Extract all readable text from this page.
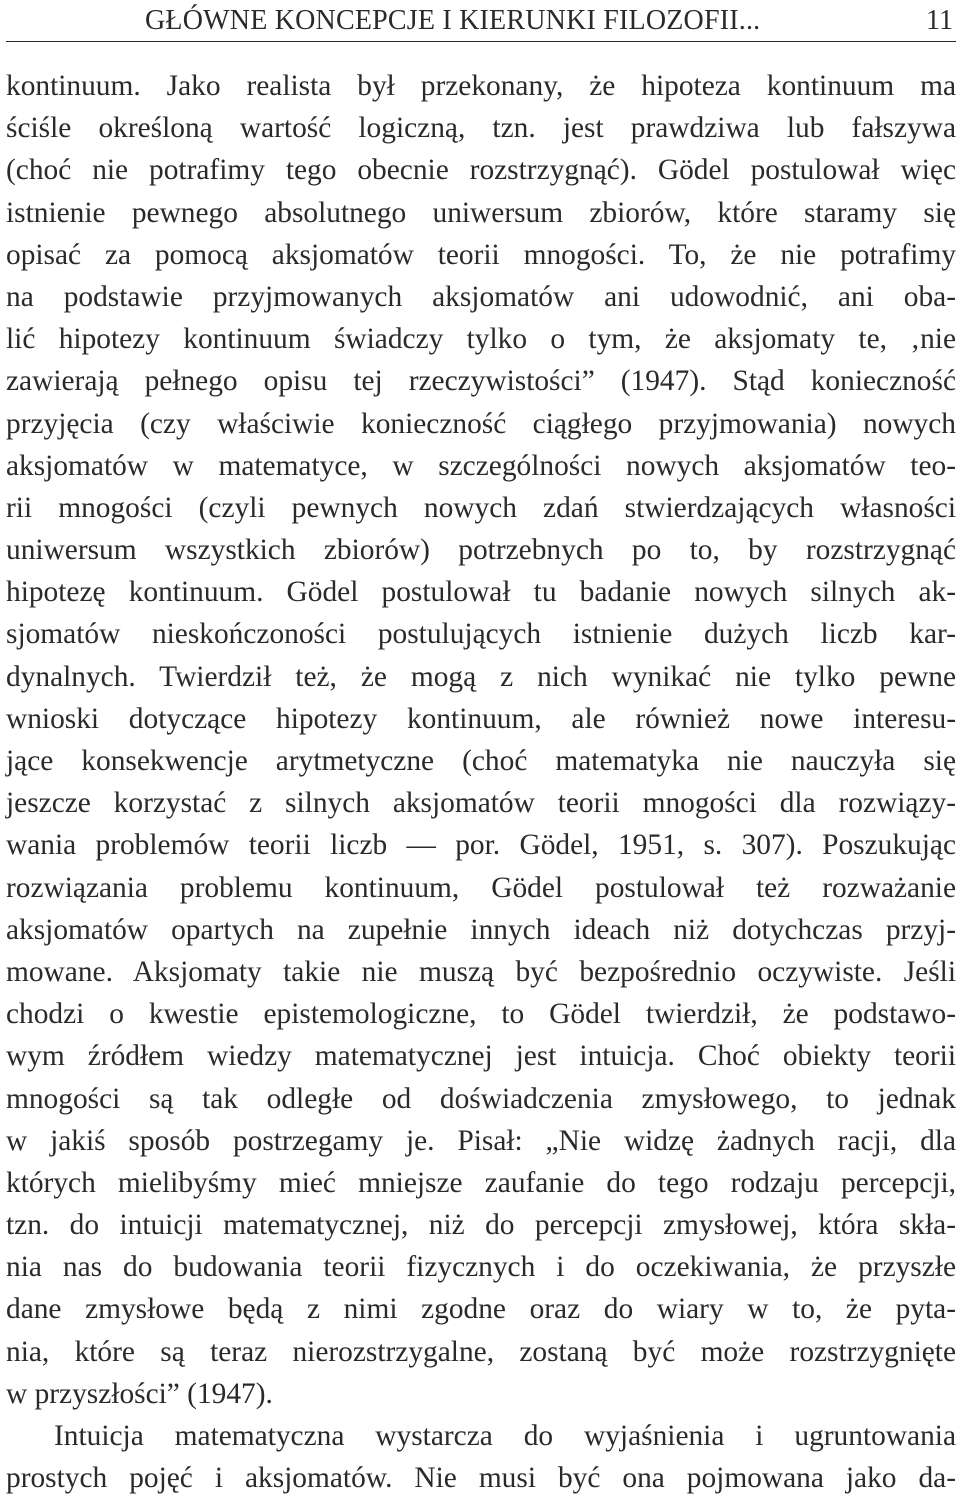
GŁÓWNE KONCEPCJE I KIERUNKI FILOZOFII...	11
kontinuum. Jako realista był przekonany, że hipoteza kontinuum ma
ściśle określoną wartość logiczną, tzn. jest prawdziwa lub fałszywa
(choć nie potrafimy tego obecnie rozstrzygnąć). Gödel postulował więc
istnienie pewnego absolutnego uniwersum zbiorów, które staramy się
opisać za pomocą aksjomatów teorii mnogości. To, że nie potrafimy
na podstawie przyjmowanych aksjomatów ani udowodnić, ani oba-
lić hipotezy kontinuum świadczy tylko o tym, że aksjomaty te, ‚nie
zawierają pełnego opisu tej rzeczywistości” (1947). Stąd konieczność
przyjęcia (czy właściwie konieczność ciągłego przyjmowania) nowych
aksjomatów w matematyce, w szczególności nowych aksjomatów teo-
rii mnogości (czyli pewnych nowych zdań stwierdzających własności
uniwersum wszystkich zbiorów) potrzebnych po to, by rozstrzygnąć
hipotezę kontinuum. Gödel postulował tu badanie nowych silnych ak-
sjomatów nieskończoności postulujących istnienie dużych liczb kar-
dynalnych. Twierdził też, że mogą z nich wynikać nie tylko pewne
wnioski dotyczące hipotezy kontinuum, ale również nowe interesu-
jące konsekwencje arytmetyczne (choć matematyka nie nauczyła się
jeszcze korzystać z silnych aksjomatów teorii mnogości dla rozwiązy-
wania problemów teorii liczb — por. Gödel, 1951, s. 307). Poszukując
rozwiązania problemu kontinuum, Gödel postulował też rozważanie
aksjomatów opartych na zupełnie innych ideach niż dotychczas przyj-
mowane. Aksjomaty takie nie muszą być bezpośrednio oczywiste. Jeśli
chodzi o kwestie epistemologiczne, to Gödel twierdził, że podstawo-
wym źródłem wiedzy matematycznej jest intuicja. Choć obiekty teorii
mnogości są tak odległe od doświadczenia zmysłowego, to jednak
w jakiś sposób postrzegamy je. Pisał: „Nie widzę żadnych racji, dla
których mielibyśmy mieć mniejsze zaufanie do tego rodzaju percepcji,
tzn. do intuicji matematycznej, niż do percepcji zmysłowej, która skła-
nia nas do budowania teorii fizycznych i do oczekiwania, że przyszłe
dane zmysłowe będą z nimi zgodne oraz do wiary w to, że pyta-
nia, które są teraz nierozstrzygalne, zostaną być może rozstrzygnięte
w przyszłości” (1947).
Intuicja matematyczna wystarcza do wyjaśnienia i ugruntowania
prostych pojęć i aksjomatów. Nie musi być ona pojmowana jako da-
